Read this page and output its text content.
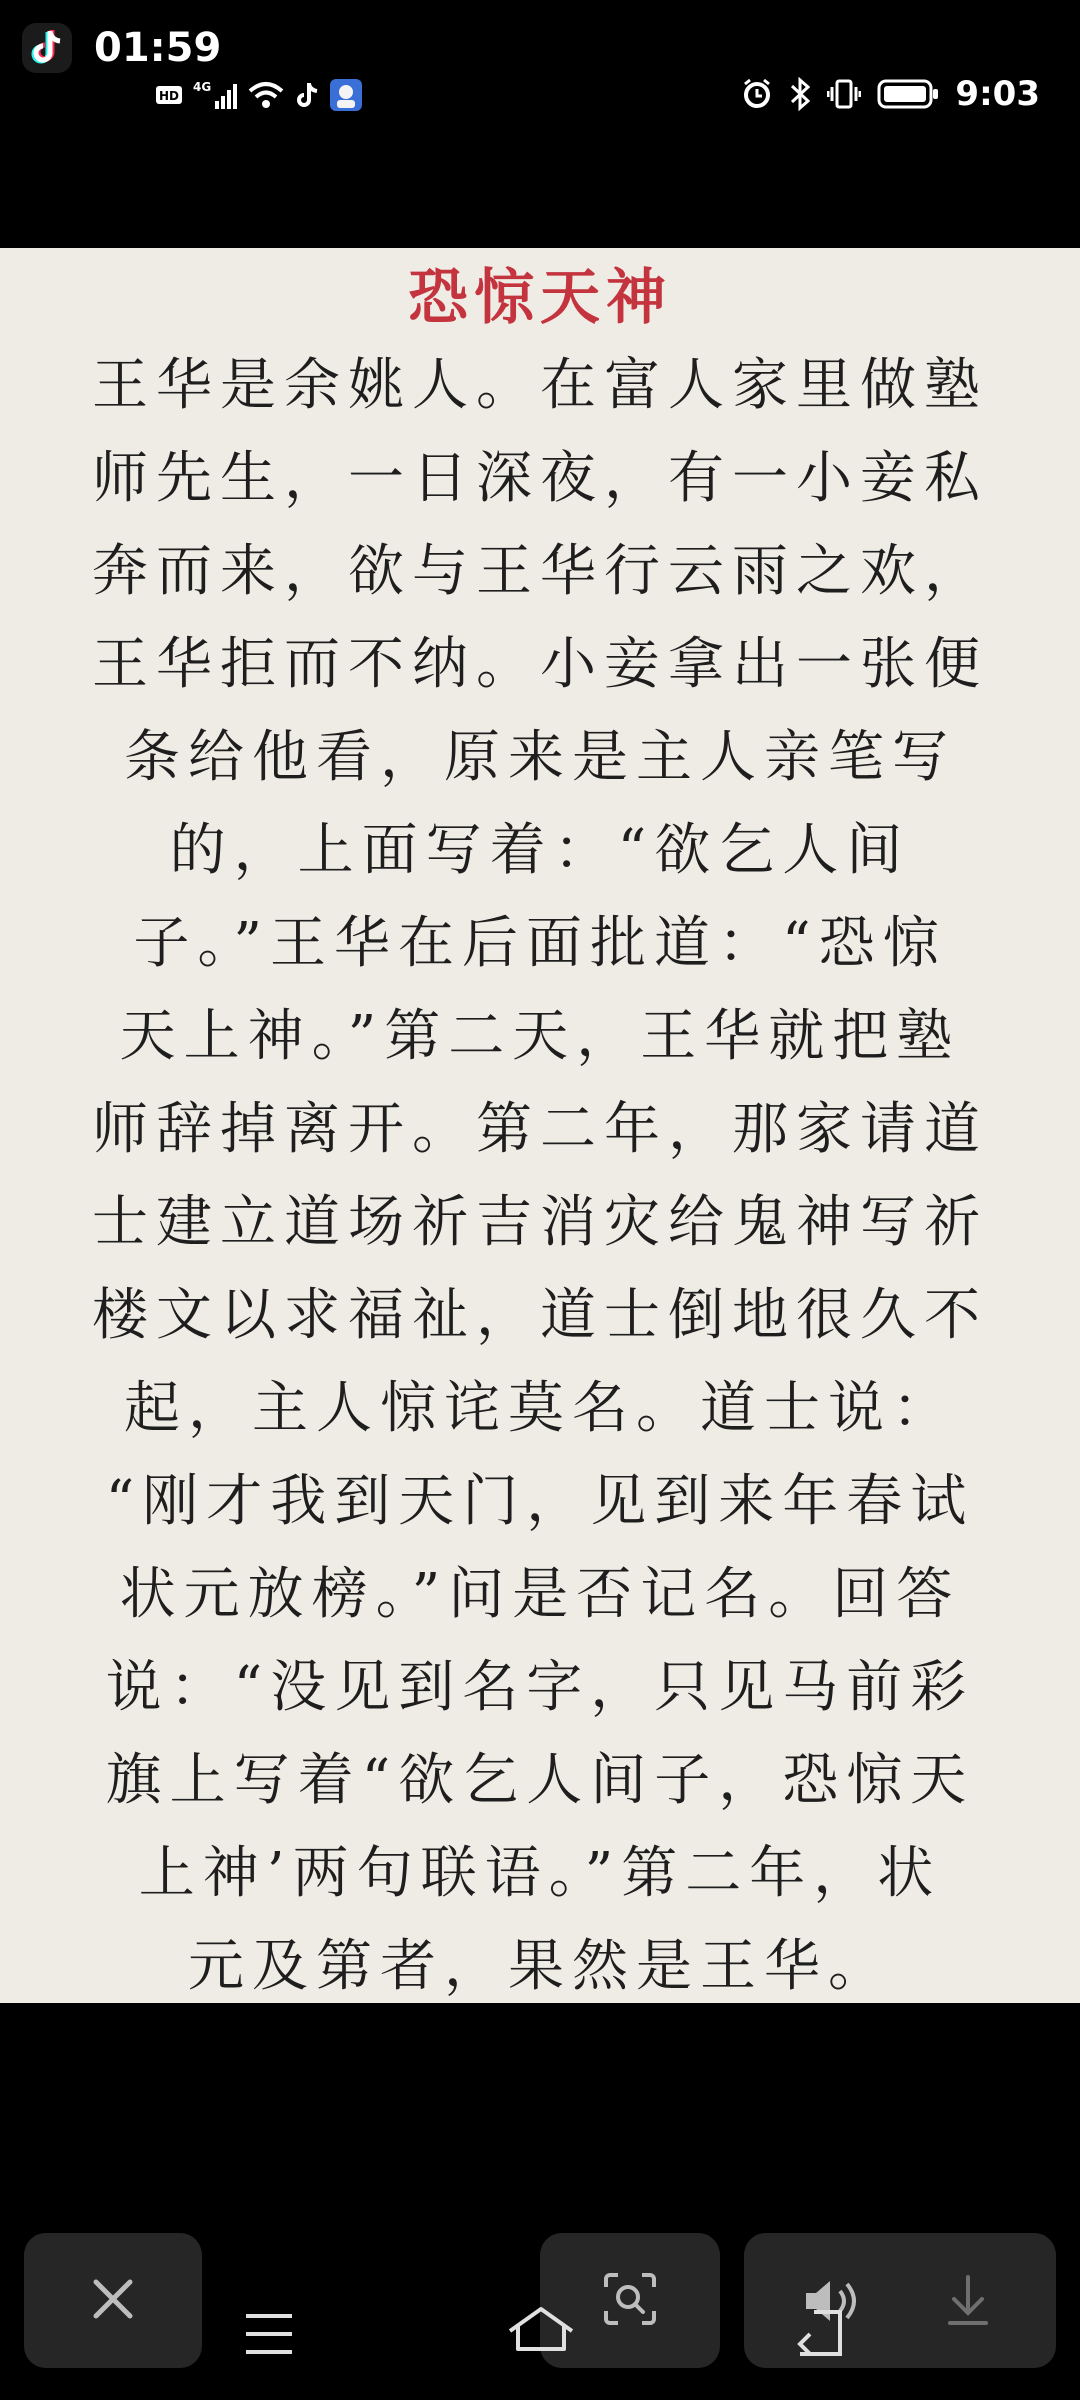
01:59
HD
4G	9:03
恐惊天神
王华是余姚人。在富人家里做塾
师先生，一日深夜，有一小妾私
奔而来，欲与王华行云雨之欢，
王华拒而不纳。小妾拿出一张便
条给他看，原来是主人亲笔写
的，上面写着：“欲乞人间
子。”王华在后面批道：“恐惊
天上神。”第二天，王华就把塾
师辞掉离开。第二年，那家请道
士建立道场祈吉消灾给鬼神写祈
楼文以求福祉，道士倒地很久不
起，主人惊诧莫名。道士说：
“刚才我到天门，见到来年春试
状元放榜。”问是否记名。回答
说：“没见到名字，只见马前彩
旗上写着“欲乞人间子，恐惊天
上神’两句联语。”第二年，状
元及第者，果然是王华。
